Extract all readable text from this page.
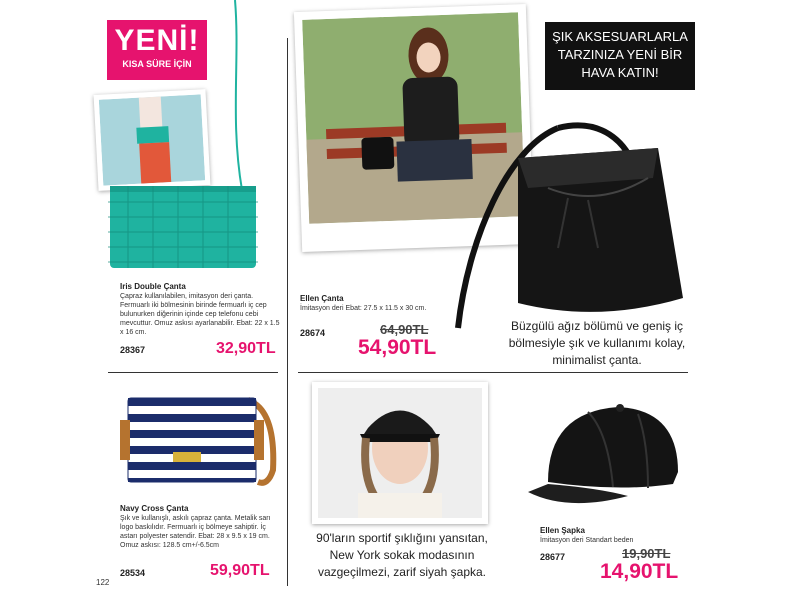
YENİ!
KISA SÜRE İÇİN
Iris Double Çanta
Çapraz kullanılabilen, imitasyon deri çanta. Fermuarlı iki bölmesinin birinde fermuarlı iç cep bulunurken diğerinin içinde cep telefonu cebi mevcuttur. Omuz askısı ayarlanabilir. Ebat: 22 x 1.5 x 16 cm.
28367	32,90TL
ŞIK AKSESUARLARLA
TARZINIZA YENİ BİR
HAVA KATIN!
Ellen Çanta
İmitasyon deri Ebat: 27.5 x 11.5 x 30 cm.
28674	64,90TL
54,90TL
Büzgülü ağız bölümü ve geniş iç
bölmesiyle şık ve kullanımı kolay,
minimalist çanta.
Navy Cross Çanta
Şık ve kullanışlı, askılı çapraz çanta. Metalik sarı logo baskılıdır. Fermuarlı iç bölmeye sahiptir. İç astarı polyester satendir. Ebat: 28 x 9.5 x 19 cm. Omuz askısı: 128.5 cm+/-6.5cm
28534	59,90TL
122
90'ların sportif şıklığını yansıtan,
New York sokak modasının
vazgeçilmezi, zarif siyah şapka.
Ellen Şapka
İmitasyon deri Standart beden
28677	19,90TL
14,90TL
